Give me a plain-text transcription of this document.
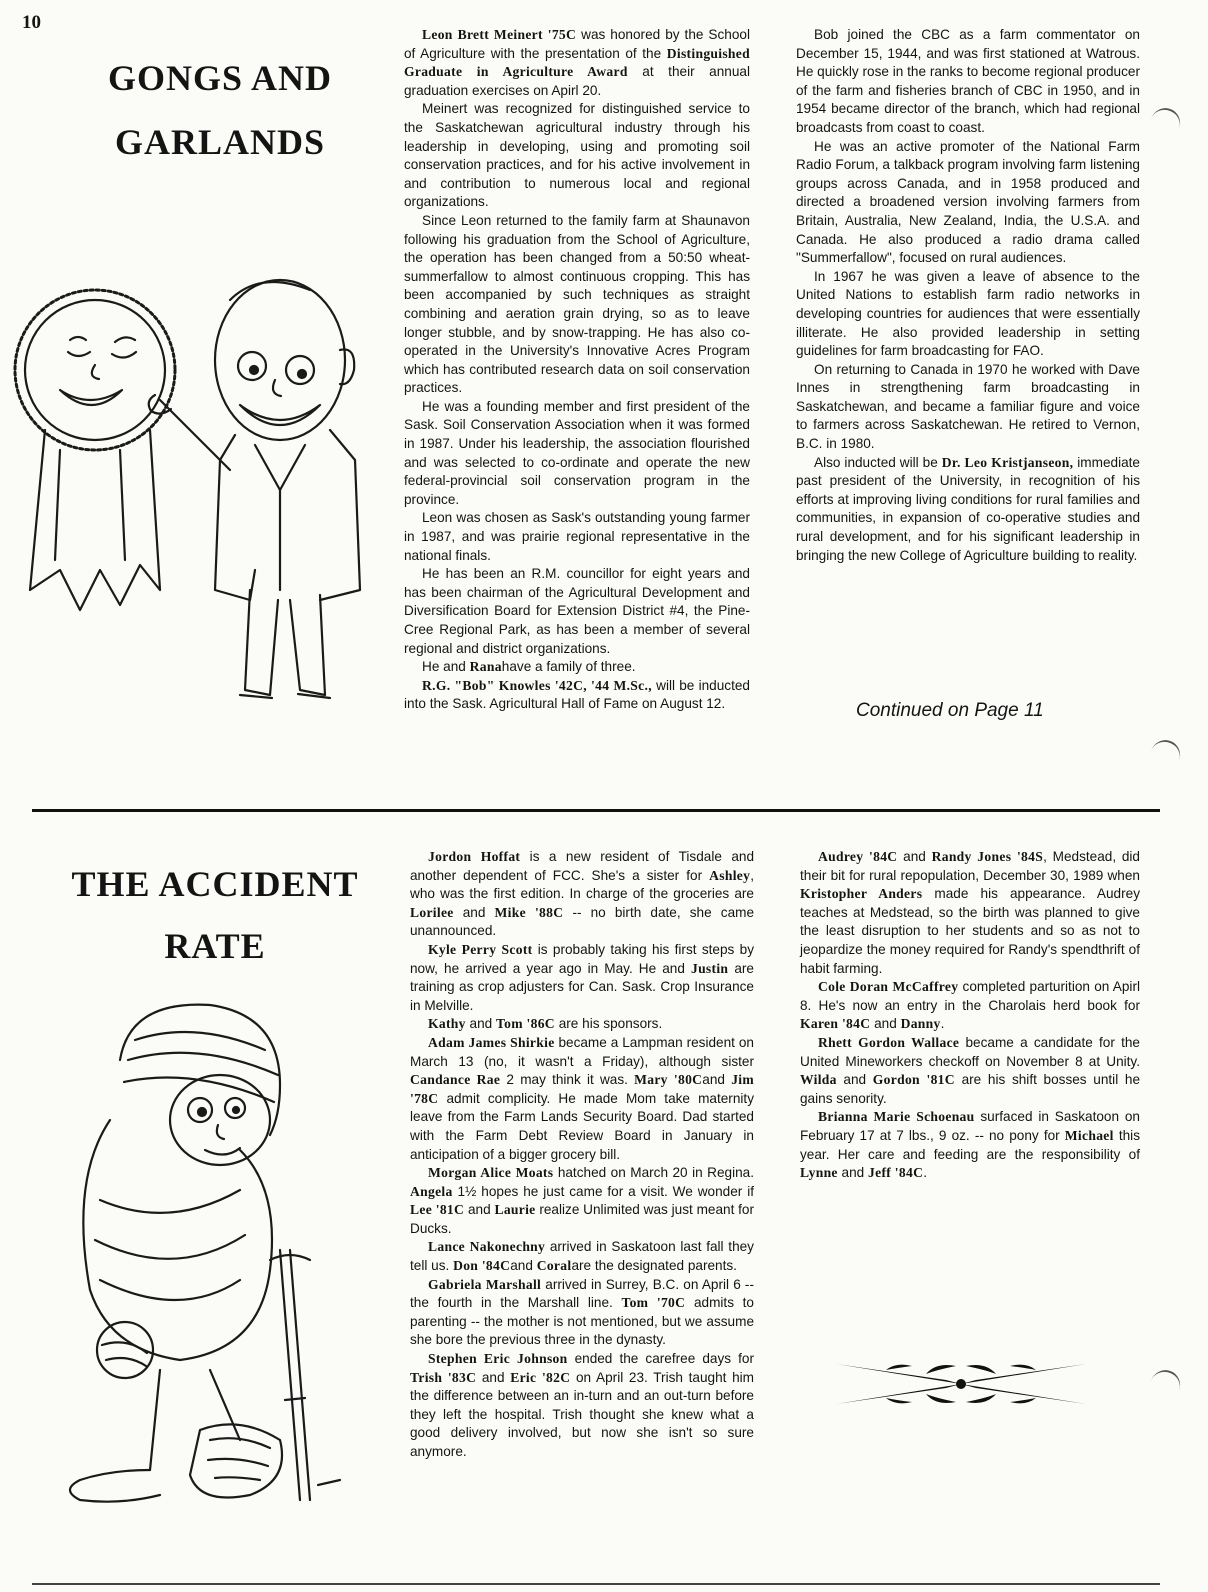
10
GONGS AND
GARLANDS

Leon Brett Meinert '75C was honored by the School of Agriculture with the presentation of the Distinguished Graduate in Agriculture Award at their annual graduation exercises on Apirl 20.

Meinert was recognized for distinguished service to the Saskatchewan agricultural industry through his leadership in developing, using and promoting soil conservation practices, and for his active involvement in and contribution to numerous local and regional organizations.

Since Leon returned to the family farm at Shaunavon following his graduation from the School of Agriculture, the operation has been changed from a 50:50 wheat-summerfallow to almost continuous cropping. This has been accompanied by such techniques as straight combining and aeration grain drying, so as to leave longer stubble, and by snow-trapping. He has also co-operated in the University's Innovative Acres Program which has contributed research data on soil conservation practices.

He was a founding member and first president of the Sask. Soil Conservation Association when it was formed in 1987. Under his leadership, the association flourished and was selected to co-ordinate and operate the new federal-provincial soil conservation program in the province.

Leon was chosen as Sask's outstanding young farmer in 1987, and was prairie regional representative in the national finals.

He has been an R.M. councillor for eight years and has been chairman of the Agricultural Development and Diversification Board for Extension District #4, the Pine-Cree Regional Park, as has been a member of several regional and district organizations.

He and Ranahave a family of three.

R.G. "Bob" Knowles '42C, '44 M.Sc., will be inducted into the Sask. Agricultural Hall of Fame on August 12.

Bob joined the CBC as a farm commentator on December 15, 1944, and was first stationed at Watrous. He quickly rose in the ranks to become regional producer of the farm and fisheries branch of CBC in 1950, and in 1954 became director of the branch, which had regional broadcasts from coast to coast.

He was an active promoter of the National Farm Radio Forum, a talkback program involving farm listening groups across Canada, and in 1958 produced and directed a broadened version involving farmers from Britain, Australia, New Zealand, India, the U.S.A. and Canada. He also produced a radio drama called "Summerfallow", focused on rural audiences.

In 1967 he was given a leave of absence to the United Nations to establish farm radio networks in developing countries for audiences that were essentially illiterate. He also provided leadership in setting guidelines for farm broadcasting for FAO.

On returning to Canada in 1970 he worked with Dave Innes in strengthening farm broadcasting in Saskatchewan, and became a familiar figure and voice to farmers across Saskatchewan. He retired to Vernon, B.C. in 1980.

Also inducted will be Dr. Leo Kristjanseon, immediate past president of the University, in recognition of his efforts at improving living conditions for rural families and communities, in expansion of co-operative studies and rural development, and for his significant leadership in bringing the new College of Agriculture building to reality.

Continued on Page 11
THE ACCIDENT
RATE

Jordon Hoffat is a new resident of Tisdale and another dependent of FCC. She's a sister for Ashley, who was the first edition. In charge of the groceries are Lorilee and Mike '88C -- no birth date, she came unannounced.

Kyle Perry Scott is probably taking his first steps by now, he arrived a year ago in May. He and Justin are training as crop adjusters for Can. Sask. Crop Insurance in Melville.

Kathy and Tom '86C are his sponsors.

Adam James Shirkie became a Lampman resident on March 13 (no, it wasn't a Friday), although sister Candance Rae 2 may think it was. Mary '80Cand Jim '78C admit complicity. He made Mom take maternity leave from the Farm Lands Security Board. Dad started with the Farm Debt Review Board in January in anticipation of a bigger grocery bill.

Morgan Alice Moats hatched on March 20 in Regina. Angela 1½ hopes he just came for a visit. We wonder if Lee '81C and Laurie realize Unlimited was just meant for Ducks.

Lance Nakonechny arrived in Saskatoon last fall they tell us. Don '84Cand Coralare the designated parents.

Gabriela Marshall arrived in Surrey, B.C. on April 6 -- the fourth in the Marshall line. Tom '70C admits to parenting -- the mother is not mentioned, but we assume she bore the previous three in the dynasty.

Stephen Eric Johnson ended the carefree days for Trish '83C and Eric '82C on April 23. Trish taught him the difference between an in-turn and an out-turn before they left the hospital. Trish thought she knew what a good delivery involved, but now she isn't so sure anymore.

Audrey '84C and Randy Jones '84S, Medstead, did their bit for rural repopulation, December 30, 1989 when Kristopher Anders made his appearance. Audrey teaches at Medstead, so the birth was planned to give the least disruption to her students and so as not to jeopardize the money required for Randy's spendthrift of habit farming.

Cole Doran McCaffrey completed parturition on Apirl 8. He's now an entry in the Charolais herd book for Karen '84C and Danny.

Rhett Gordon Wallace became a candidate for the United Mineworkers checkoff on November 8 at Unity. Wilda and Gordon '81C are his shift bosses until he gains senority.

Brianna Marie Schoenau surfaced in Saskatoon on February 17 at 7 lbs., 9 oz. -- no pony for Michael this year. Her care and feeding are the responsibility of Lynne and Jeff '84C.
